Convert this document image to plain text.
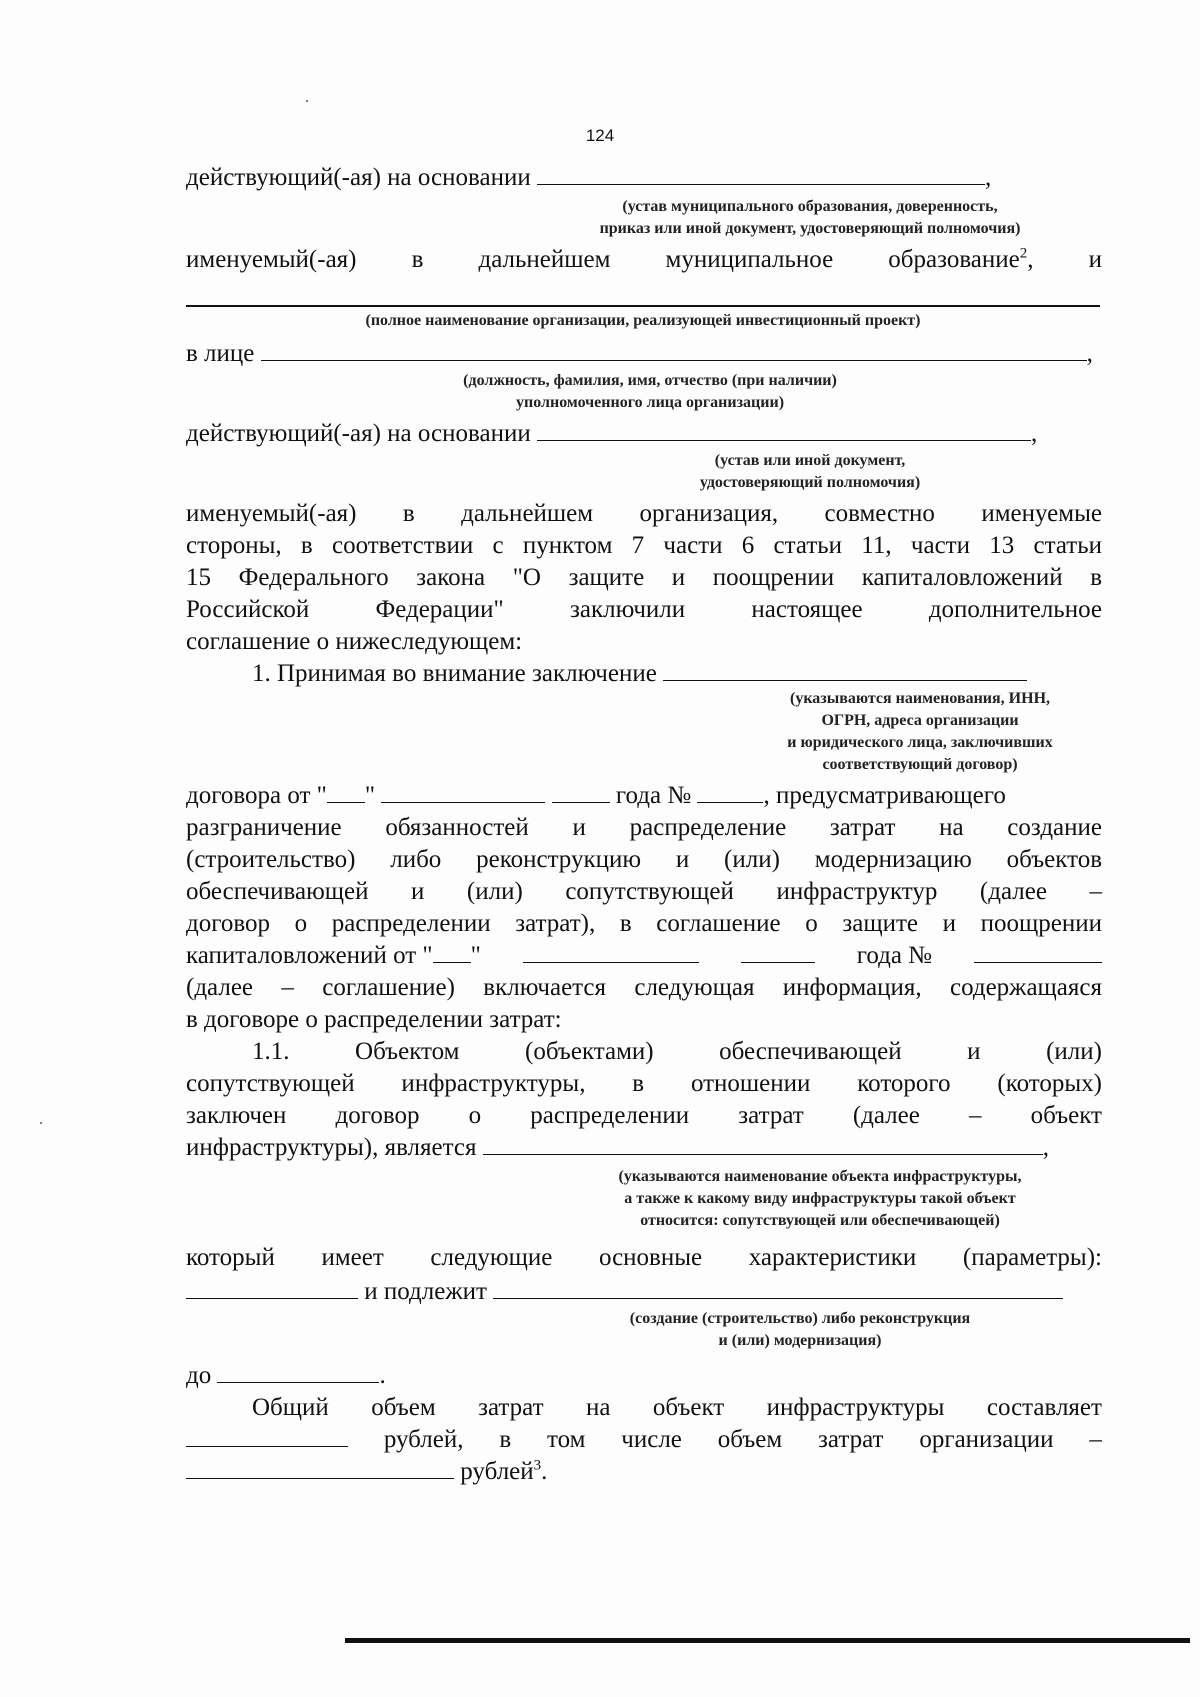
124
действующий(-ая) на основании	,
(устав муниципального образования, доверенность,
приказ или иной документ, удостоверяющий полномочия)
именуемый(-ая) в дальнейшем муниципальное образование$^2$, и
(полное наименование организации, реализующей инвестиционный проект)
в лице	,
(должность, фамилия, имя, отчество (при наличии)
уполномоченного лица организации)
действующий(-ая) на основании	,
(устав или иной документ,
удостоверяющий полномочия)
именуемый(-ая) в дальнейшем организация, совместно именуемые
стороны, в соответствии с пунктом 7 части 6 статьи 11, части 13 статьи
15 Федерального закона "О защите и поощрении капиталовложений в
Российской Федерации" заключили настоящее дополнительное
соглашение о нижеследующем:
1. Принимая во внимание заключение
(указываются наименования, ИНН,
ОГРН, адреса организации
и юридического лица, заключивших
соответствующий договор)
договора от " "	года №	, предусматривающего
разграничение обязанностей и распределение затрат на создание
(строительство) либо реконструкцию и (или) модернизацию объектов
обеспечивающей и (или) сопутствующей инфраструктур (далее –
договор о распределении затрат), в соглашение о защите и поощрении
капиталовложений от " "	года №
(далее – соглашение) включается следующая информация, содержащаяся
в договоре о распределении затрат:
1.1.	Объектом	(объектами)	обеспечивающей	и	(или)
сопутствующей инфраструктуры, в отношении которого (которых)
заключен договор о распределении затрат (далее – объект
инфраструктуры), является	,
(указываются наименование объекта инфраструктуры,
а также к какому виду инфраструктуры такой объект
относится: сопутствующей или обеспечивающей)
который имеет следующие основные характеристики (параметры):
и подлежит
(создание (строительство) либо реконструкция
и (или) модернизация)
до	.
Общий объем затрат на объект инфраструктуры составляет
рублей, в том числе объем затрат организации –
рублей$^3$.
